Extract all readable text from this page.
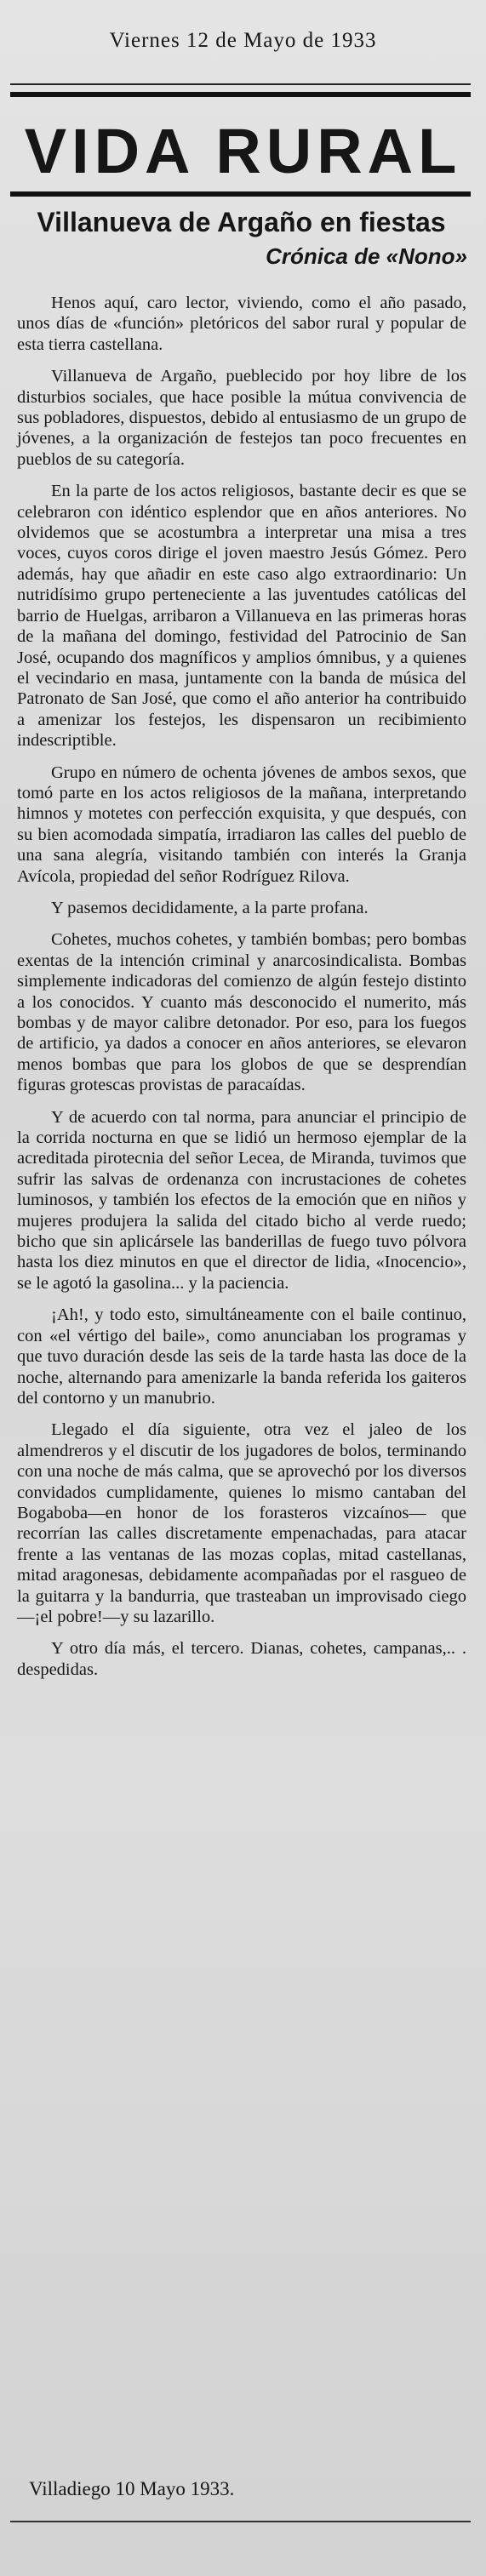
Viernes 12 de Mayo de 1933
VIDA RURAL
Villanueva de Argaño en fiestas
Crónica de «Nono»

Henos aquí, caro lector, viviendo, como el año pasado, unos días de «función» pletóricos del sabor rural y popular de esta tierra castellana.

Villanueva de Argaño, pueblecido por hoy libre de los disturbios sociales, que hace posible la mútua convivencia de sus pobladores, dispuestos, debido al entusiasmo de un grupo de jóvenes, a la organización de festejos tan poco frecuentes en pueblos de su categoría.

En la parte de los actos religiosos, bastante decir es que se celebraron con idéntico esplendor que en años anteriores. No olvidemos que se acostumbra a interpretar una misa a tres voces, cuyos coros dirige el joven maestro Jesús Gómez. Pero además, hay que añadir en este caso algo extraordinario: Un nutridísimo grupo perteneciente a las juventudes católicas del barrio de Huelgas, arribaron a Villanueva en las primeras horas de la mañana del domingo, festividad del Patrocinio de San José, ocupando dos magníficos y amplios ómnibus, y a quienes el vecindario en masa, juntamente con la banda de música del Patronato de San José, que como el año anterior ha contribuido a amenizar los festejos, les dispensaron un recibimiento indescriptible.

Grupo en número de ochenta jóvenes de ambos sexos, que tomó parte en los actos religiosos de la mañana, interpretando himnos y motetes con perfección exquisita, y que después, con su bien acomodada simpatía, irradiaron las calles del pueblo de una sana alegría, visitando también con interés la Granja Avícola, propiedad del señor Rodríguez Rilova.

Y pasemos decididamente, a la parte profana.

Cohetes, muchos cohetes, y también bombas; pero bombas exentas de la intención criminal y anarcosindicalista. Bombas simplemente indicadoras del comienzo de algún festejo distinto a los conocidos. Y cuanto más desconocido el numerito, más bombas y de mayor calibre detonador. Por eso, para los fuegos de artificio, ya dados a conocer en años anteriores, se elevaron menos bombas que para los globos de que se desprendían figuras grotescas provistas de paracaídas.

Y de acuerdo con tal norma, para anunciar el principio de la corrida nocturna en que se lidió un hermoso ejemplar de la acreditada pirotecnia del señor Lecea, de Miranda, tuvimos que sufrir las salvas de ordenanza con incrustaciones de cohetes luminosos, y también los efectos de la emoción que en niños y mujeres produjera la salida del citado bicho al verde ruedo; bicho que sin aplicársele las banderillas de fuego tuvo pólvora hasta los diez minutos en que el director de lidia, «Inocencio», se le agotó la gasolina... y la paciencia.

¡Ah!, y todo esto, simultáneamente con el baile continuo, con «el vértigo del baile», como anunciaban los programas y que tuvo duración desde las seis de la tarde hasta las doce de la noche, alternando para amenizarle la banda referida los gaiteros del contorno y un manubrio.

Llegado el día siguiente, otra vez el jaleo de los almendreros y el discutir de los jugadores de bolos, terminando con una noche de más calma, que se aprovechó por los diversos convidados cumplidamente, quienes lo mismo cantaban del Bogaboba—en honor de los forasteros vizcaínos— que recorrían las calles discretamente empenachadas, para atacar frente a las ventanas de las mozas coplas, mitad castellanas, mitad aragonesas, debidamente acompañadas por el rasgueo de la guitarra y la bandurria, que trasteaban un improvisado ciego—¡el pobre!—y su lazarillo.

Y otro día más, el tercero. Dianas, cohetes, campanas,.. . despedidas.

Villadiego 10 Mayo 1933.
